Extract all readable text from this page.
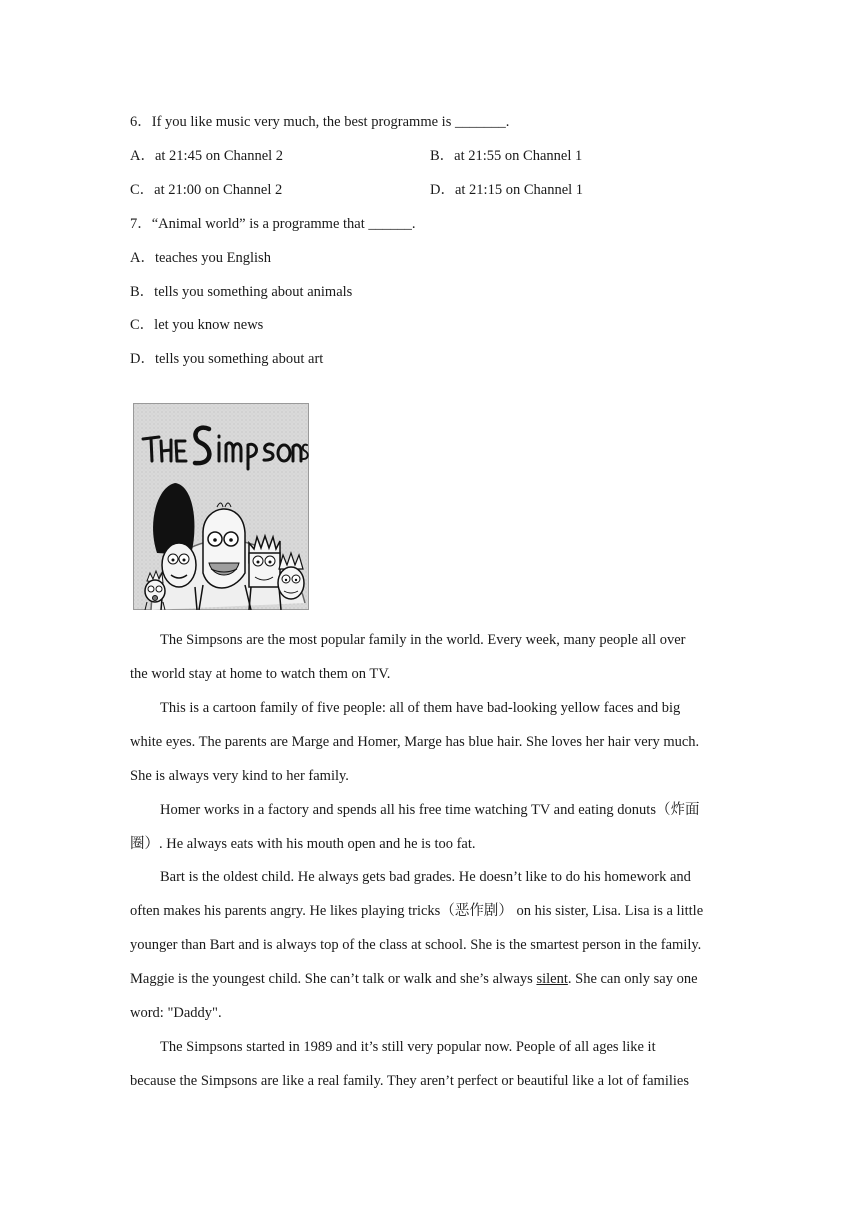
6．If you like music very much, the best programme is _______.
A．at 21:45 on Channel 2	B．at 21:55 on Channel 1
C．at 21:00 on Channel 2	D．at 21:15 on Channel 1
7．“Animal world” is a programme that ______.
A．teaches you English
B．tells you something about animals
C．let you know news
D．tells you something about art
The Simpsons are the most popular family in the world. Every week, many people all over
the world stay at home to watch them on TV.
This is a cartoon family of five people: all of them have bad-looking yellow faces and big
white eyes. The parents are Marge and Homer, Marge has blue hair. She loves her hair very much.
She is always very kind to her family.
Homer works in a factory and spends all his free time watching TV and eating donuts（炸面
圈）. He always eats with his mouth open and he is too fat.
Bart is the oldest child. He always gets bad grades. He doesn’t like to do his homework and
often makes his parents angry. He likes playing tricks（恶作剧） on his sister, Lisa. Lisa is a little
younger than Bart and is always top of the class at school. She is the smartest person in the family.
Maggie is the youngest child. She can’t talk or walk and she’s always silent. She can only say one
word: "Daddy".
The Simpsons started in 1989 and it’s still very popular now. People of all ages like it
because the Simpsons are like a real family. They aren’t perfect or beautiful like a lot of families
